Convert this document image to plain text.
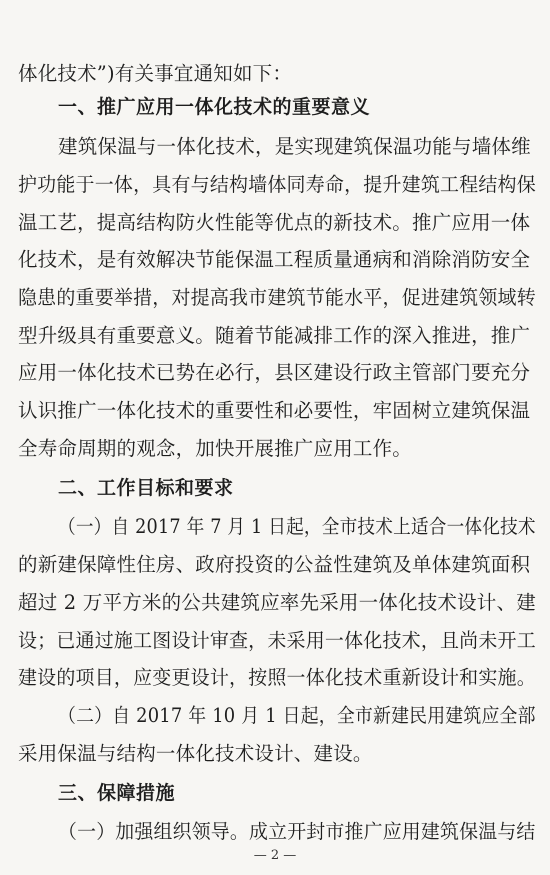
体化技术”)有关事宜通知如下：
一、推广应用一体化技术的重要意义
建筑保温与一体化技术，是实现建筑保温功能与墙体维
护功能于一体，具有与结构墙体同寿命，提升建筑工程结构保
温工艺，提高结构防火性能等优点的新技术。推广应用一体
化技术，是有效解决节能保温工程质量通病和消除消防安全
隐患的重要举措，对提高我市建筑节能水平，促进建筑领域转
型升级具有重要意义。随着节能减排工作的深入推进，推广
应用一体化技术已势在必行，县区建设行政主管部门要充分
认识推广一体化技术的重要性和必要性，牢固树立建筑保温
全寿命周期的观念，加快开展推广应用工作。
二、工作目标和要求
（一）自 2017 年 7 月 1 日起，全市技术上适合一体化技术
的新建保障性住房、政府投资的公益性建筑及单体建筑面积
超过 2 万平方米的公共建筑应率先采用一体化技术设计、建
设；已通过施工图设计审查，未采用一体化技术，且尚未开工
建设的项目，应变更设计，按照一体化技术重新设计和实施。
（二）自 2017 年 10 月 1 日起，全市新建民用建筑应全部
采用保温与结构一体化技术设计、建设。
三、保障措施
（一）加强组织领导。成立开封市推广应用建筑保温与结
— 2 —
